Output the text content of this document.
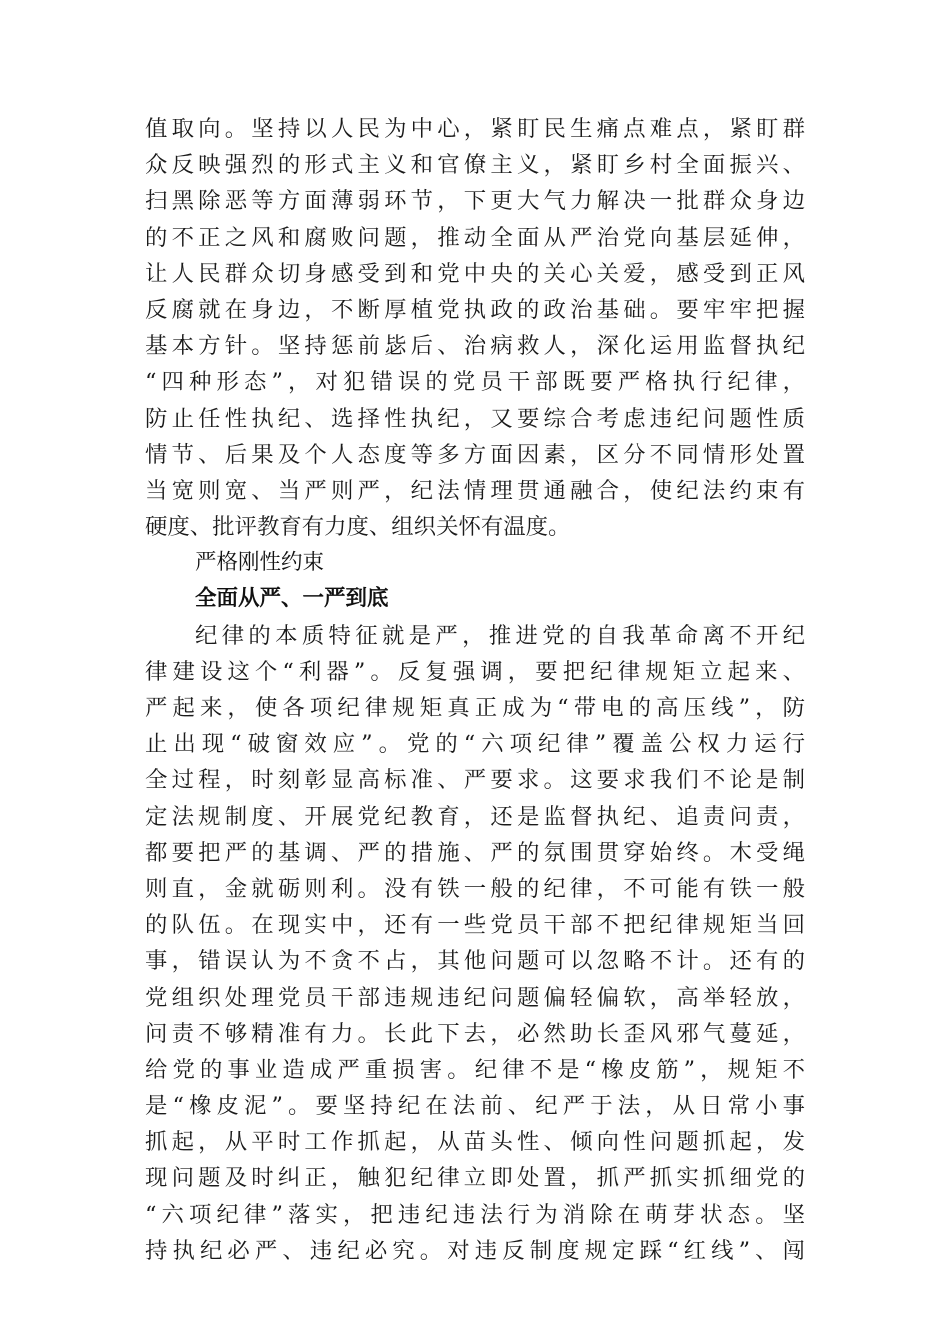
值取向。坚持以人民为中心，紧盯民生痛点难点，紧盯群
众反映强烈的形式主义和官僚主义，紧盯乡村全面振兴、
扫黑除恶等方面薄弱环节，下更大气力解决一批群众身边
的不正之风和腐败问题，推动全面从严治党向基层延伸，
让人民群众切身感受到和党中央的关心关爱，感受到正风
反腐就在身边，不断厚植党执政的政治基础。要牢牢把握
基本方针。坚持惩前毖后、治病救人，深化运用监督执纪
“四种形态”，对犯错误的党员干部既要严格执行纪律，
防止任性执纪、选择性执纪，又要综合考虑违纪问题性质
情节、后果及个人态度等多方面因素，区分不同情形处置
当宽则宽、当严则严，纪法情理贯通融合，使纪法约束有
硬度、批评教育有力度、组织关怀有温度。
严格刚性约束
全面从严、一严到底
纪律的本质特征就是严，推进党的自我革命离不开纪
律建设这个“利器”。反复强调，要把纪律规矩立起来、
严起来，使各项纪律规矩真正成为“带电的高压线”，防
止出现“破窗效应”。党的“六项纪律”覆盖公权力运行
全过程，时刻彰显高标准、严要求。这要求我们不论是制
定法规制度、开展党纪教育，还是监督执纪、追责问责，
都要把严的基调、严的措施、严的氛围贯穿始终。木受绳
则直，金就砺则利。没有铁一般的纪律，不可能有铁一般
的队伍。在现实中，还有一些党员干部不把纪律规矩当回
事，错误认为不贪不占，其他问题可以忽略不计。还有的
党组织处理党员干部违规违纪问题偏轻偏软，高举轻放，
问责不够精准有力。长此下去，必然助长歪风邪气蔓延，
给党的事业造成严重损害。纪律不是“橡皮筋”，规矩不
是“橡皮泥”。要坚持纪在法前、纪严于法，从日常小事
抓起，从平时工作抓起，从苗头性、倾向性问题抓起，发
现问题及时纠正，触犯纪律立即处置，抓严抓实抓细党的
“六项纪律”落实，把违纪违法行为消除在萌芽状态。坚
持执纪必严、违纪必究。对违反制度规定踩“红线”、闯
